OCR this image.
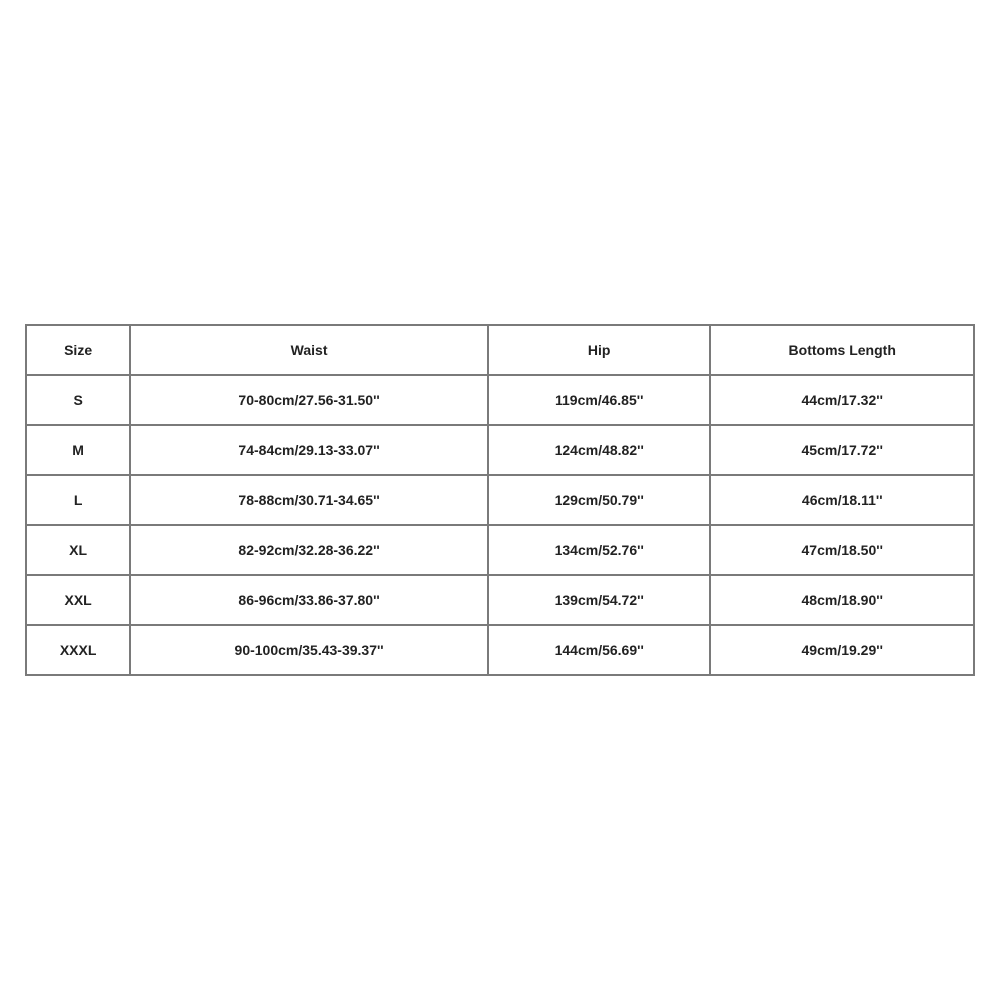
Size	Waist	Hip	Bottoms Length
S	70-80cm/27.56-31.50''	119cm/46.85''	44cm/17.32''
M	74-84cm/29.13-33.07''	124cm/48.82''	45cm/17.72''
L	78-88cm/30.71-34.65''	129cm/50.79''	46cm/18.11''
XL	82-92cm/32.28-36.22''	134cm/52.76''	47cm/18.50''
XXL	86-96cm/33.86-37.80''	139cm/54.72''	48cm/18.90''
XXXL	90-100cm/35.43-39.37''	144cm/56.69''	49cm/19.29''
